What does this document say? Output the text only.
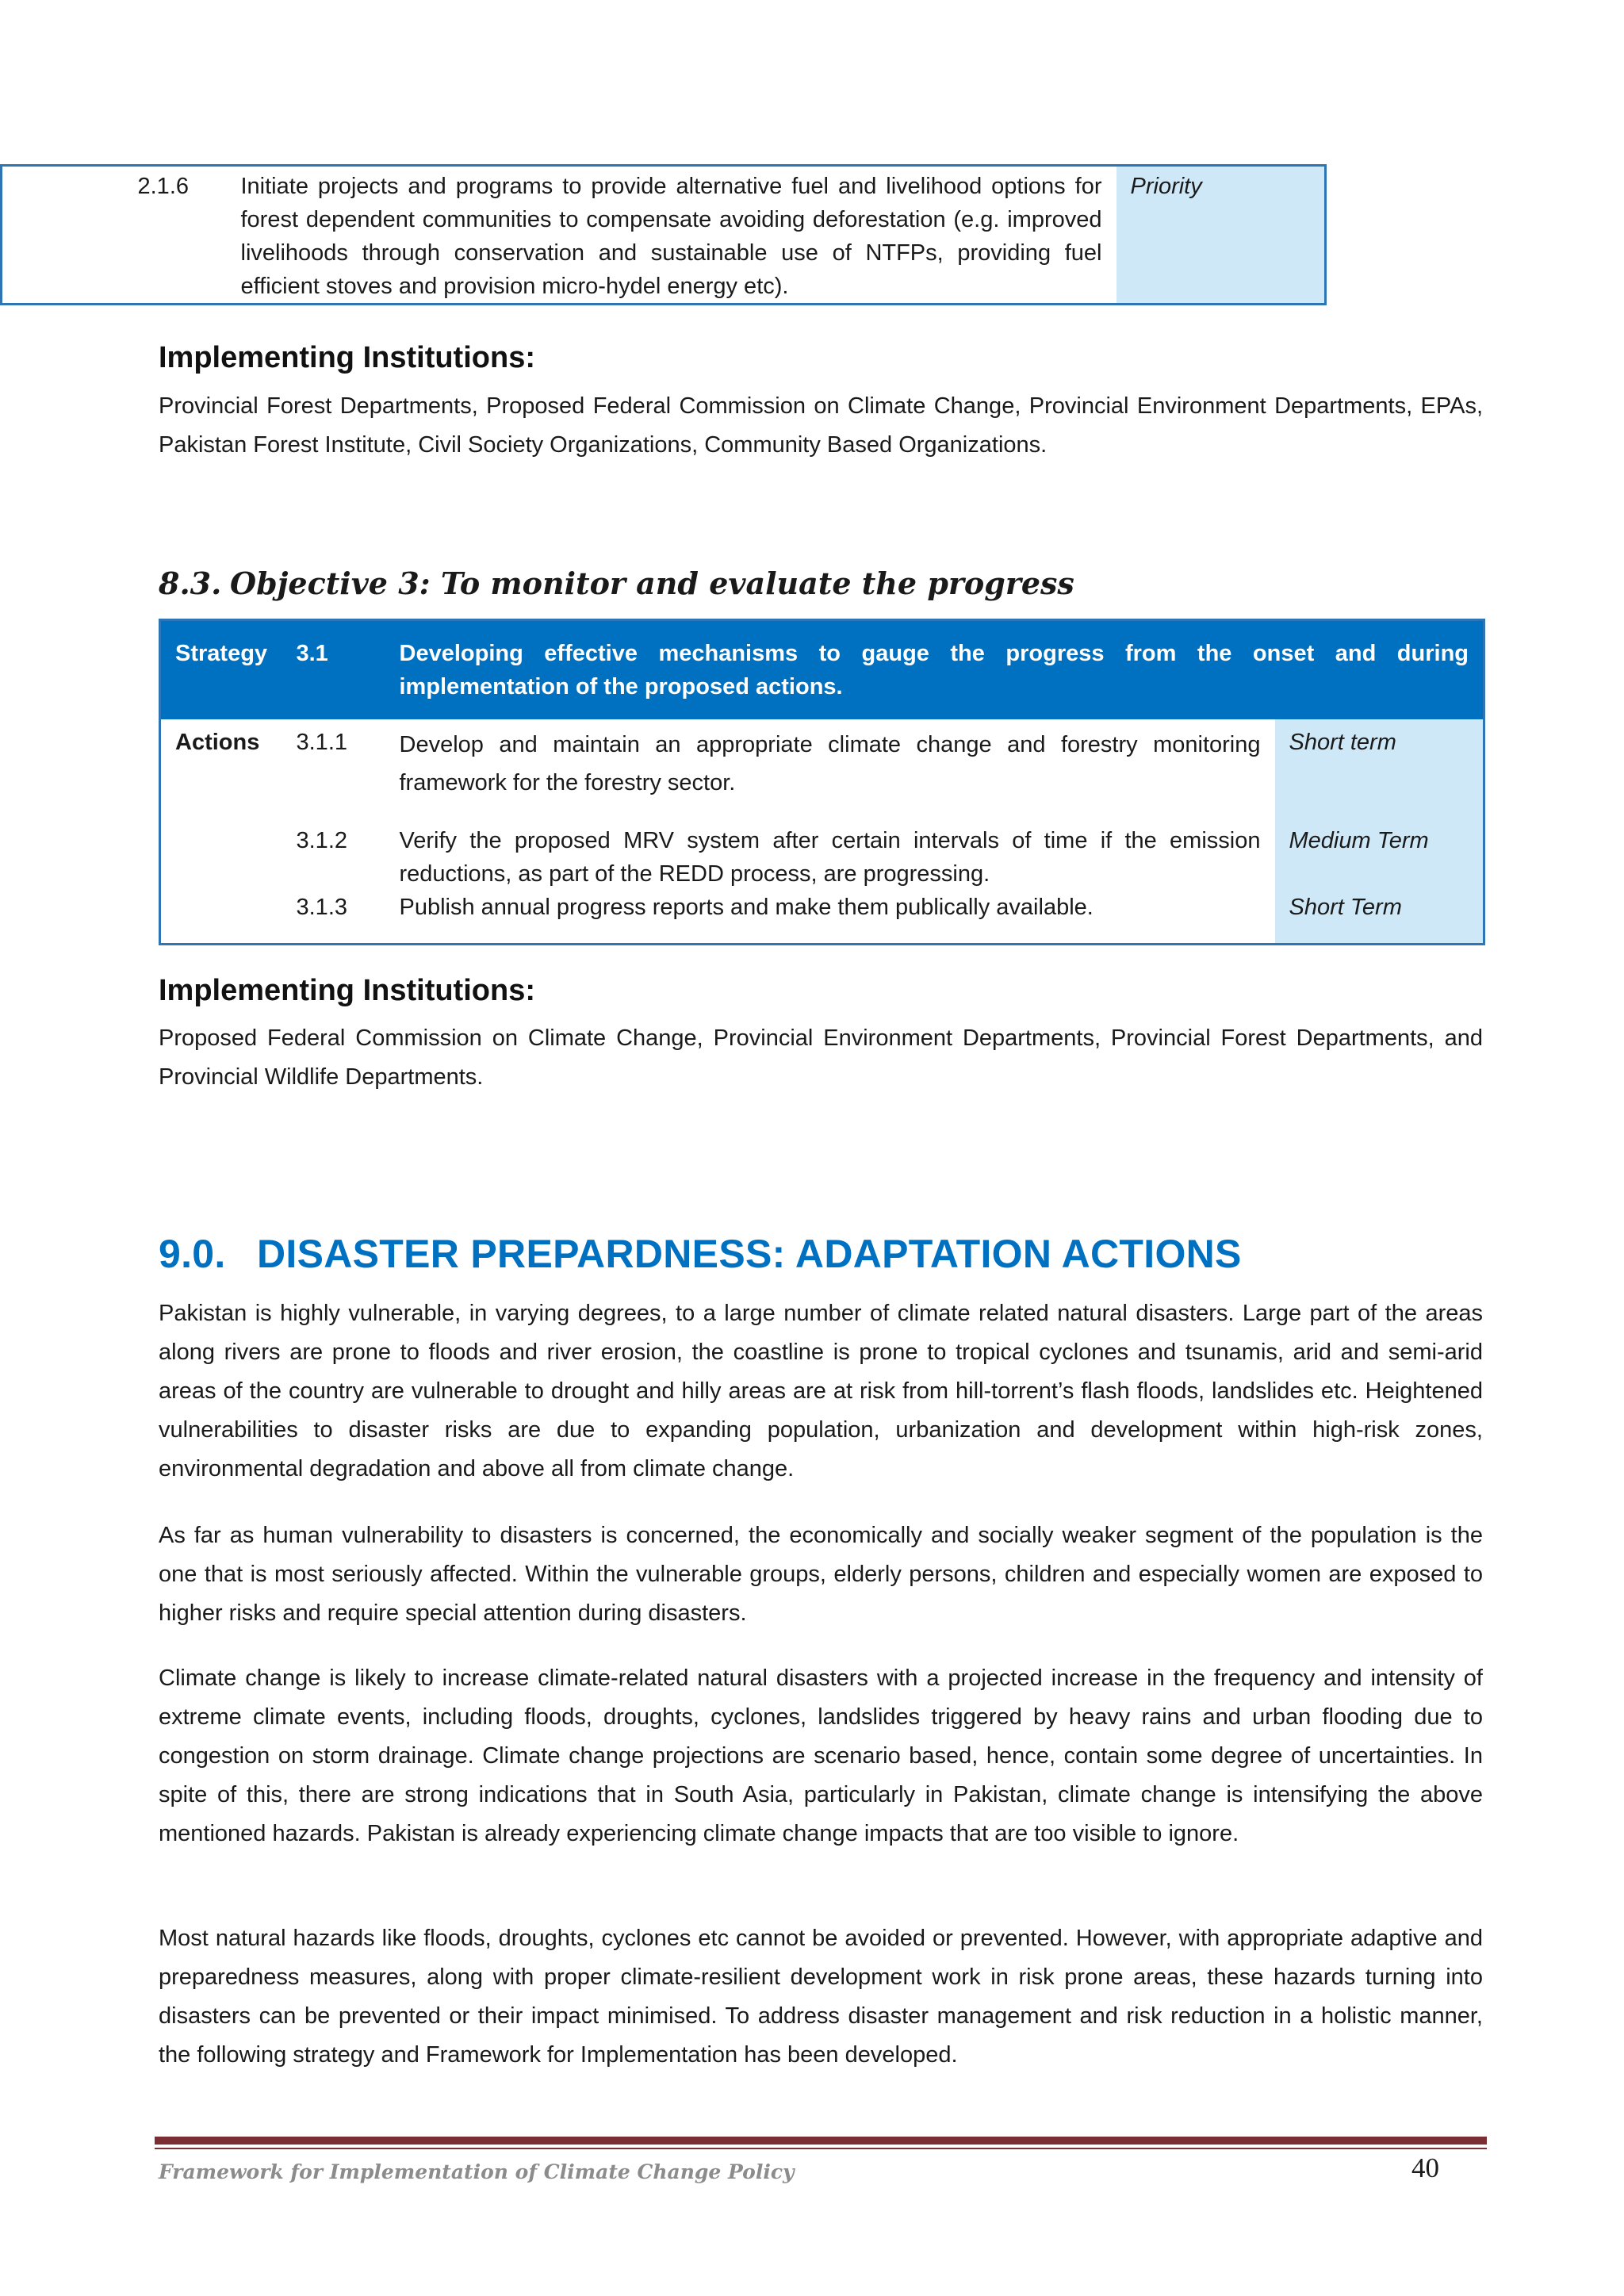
	2.1.6	Initiate projects and programs to provide alternative fuel and livelihood options for forest dependent communities to compensate avoiding deforestation (e.g. improved livelihoods through conservation and sustainable use of NTFPs, providing fuel efficient stoves and provision micro-hydel energy etc).	Priority
Implementing Institutions:

Provincial Forest Departments, Proposed Federal Commission on Climate Change, Provincial Environment Departments, EPAs, Pakistan Forest Institute, Civil Society Organizations, Community Based Organizations.

8.3. Objective 3: To monitor and evaluate the progress
Strategy	3.1	Developing effective mechanisms to gauge the progress from the onset and during implementation of the proposed actions.	
Actions	3.1.1	Develop and maintain an appropriate climate change and forestry monitoring framework for the forestry sector.	Short term
	3.1.2	Verify the proposed MRV system after certain intervals of time if the emission reductions, as part of the REDD process, are progressing.	Medium Term
	3.1.3	Publish annual progress reports and make them publically available.	Short Term
Implementing Institutions:

Proposed Federal Commission on Climate Change, Provincial Environment Departments, Provincial Forest Departments, and Provincial Wildlife Departments.

9.0. DISASTER PREPARDNESS: ADAPTATION ACTIONS

Pakistan is highly vulnerable, in varying degrees, to a large number of climate related natural disasters. Large part of the areas along rivers are prone to floods and river erosion, the coastline is prone to tropical cyclones and tsunamis, arid and semi-arid areas of the country are vulnerable to drought and hilly areas are at risk from hill-torrent’s flash floods, landslides etc. Heightened vulnerabilities to disaster risks are due to expanding population, urbanization and development within high-risk zones, environmental degradation and above all from climate change.

As far as human vulnerability to disasters is concerned, the economically and socially weaker segment of the population is the one that is most seriously affected. Within the vulnerable groups, elderly persons, children and especially women are exposed to higher risks and require special attention during disasters.

Climate change is likely to increase climate-related natural disasters with a projected increase in the frequency and intensity of extreme climate events, including floods, droughts, cyclones, landslides triggered by heavy rains and urban flooding due to congestion on storm drainage. Climate change projections are scenario based, hence, contain some degree of uncertainties. In spite of this, there are strong indications that in South Asia, particularly in Pakistan, climate change is intensifying the above mentioned hazards. Pakistan is already experiencing climate change impacts that are too visible to ignore.

Most natural hazards like floods, droughts, cyclones etc cannot be avoided or prevented. However, with appropriate adaptive and preparedness measures, along with proper climate-resilient development work in risk prone areas, these hazards turning into disasters can be prevented or their impact minimised. To address disaster management and risk reduction in a holistic manner, the following strategy and Framework for Implementation has been developed.

Framework for Implementation of Climate Change Policy	40
